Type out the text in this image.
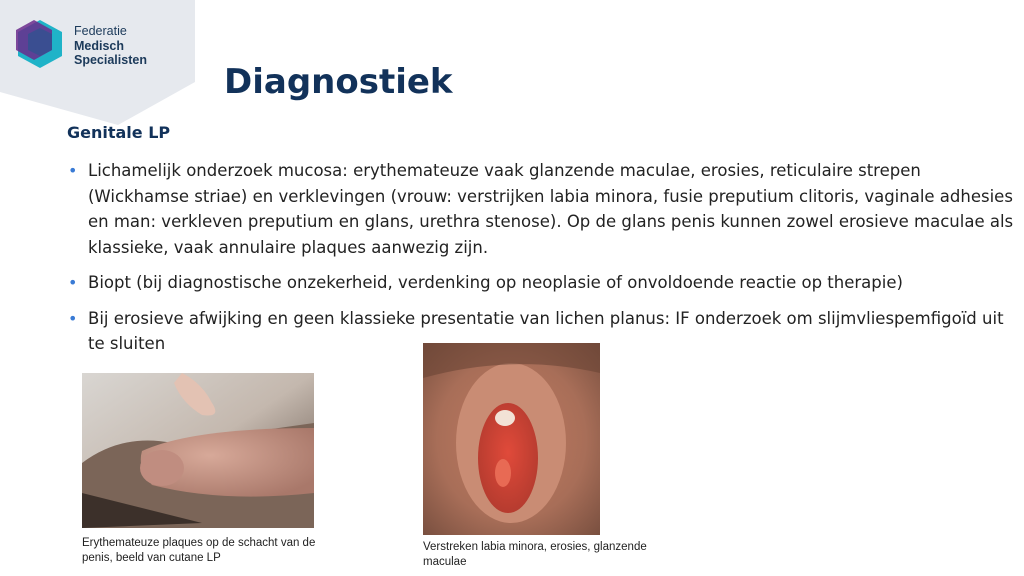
Federatie
Medisch
Specialisten
Diagnostiek
Genitale LP
• Lichamelijk onderzoek mucosa: erythemateuze vaak glanzende maculae, erosies, reticulaire strepen (Wickhamse striae) en verklevingen (vrouw: verstrijken labia minora, fusie preputium clitoris, vaginale adhesies en man: verkleven preputium en glans, urethra stenose). Op de glans penis kunnen zowel erosieve maculae als klassieke, vaak annulaire plaques aanwezig zijn.
• Biopt (bij diagnostische onzekerheid, verdenking op neoplasie of onvoldoende reactie op therapie)
• Bij erosieve afwijking en geen klassieke presentatie van lichen planus: IF onderzoek om slijmvliespemfigoïd uit te sluiten
Erythemateuze plaques op de schacht van de penis, beeld van cutane LP
Verstreken labia minora, erosies, glanzende maculae
